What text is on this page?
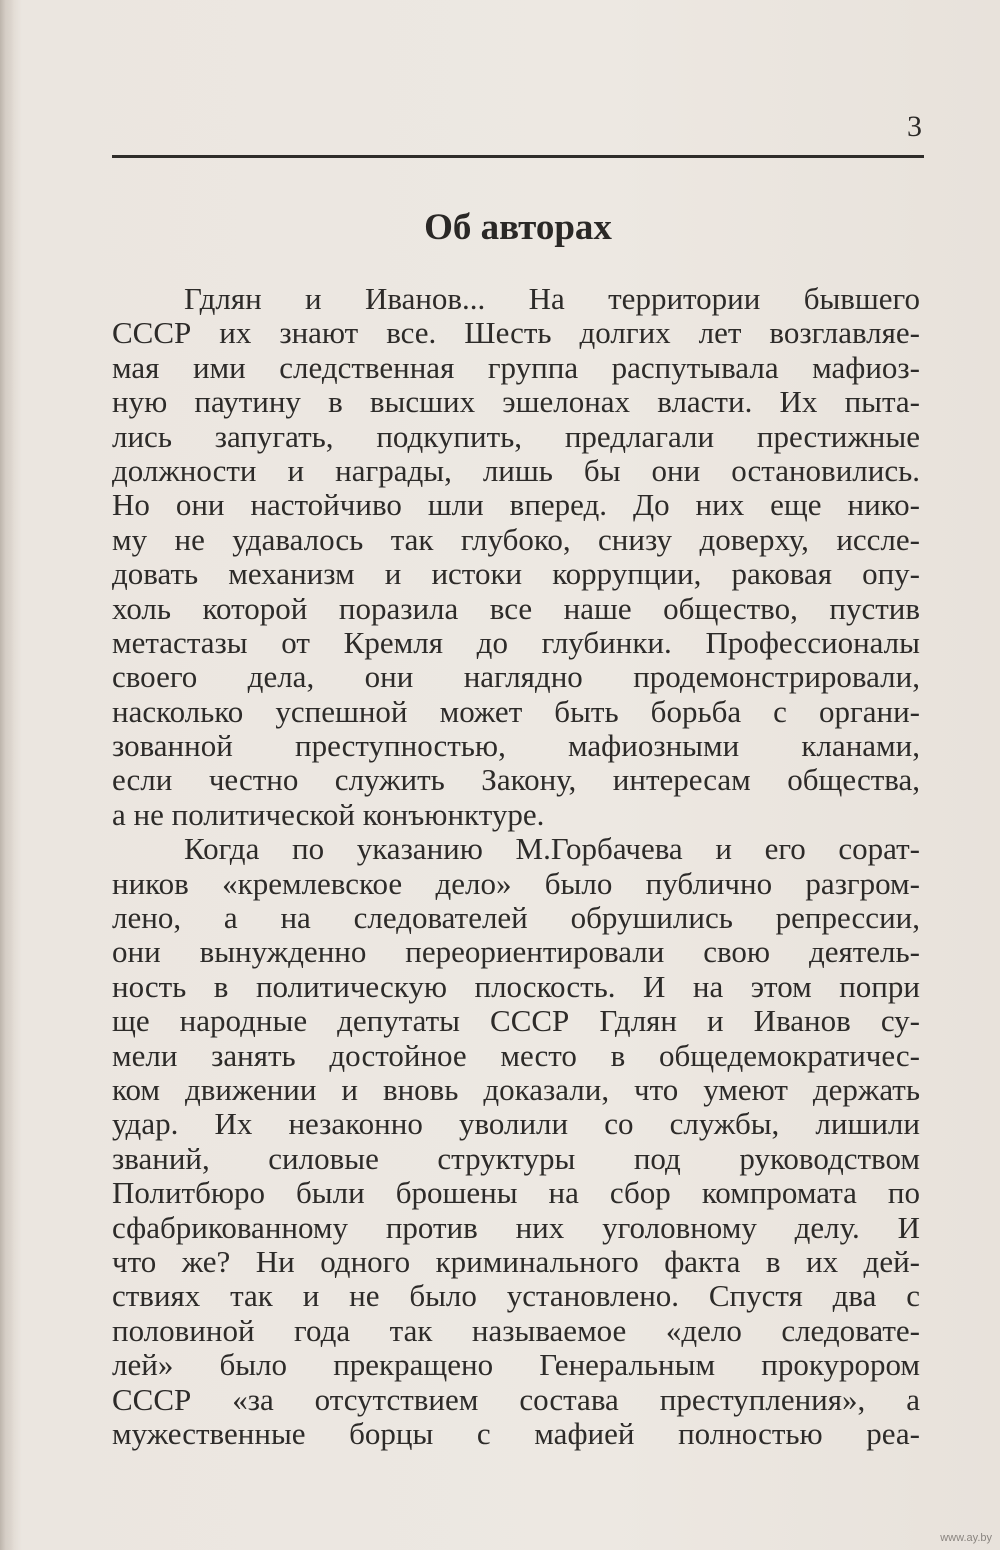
3
Об авторах
Гдлян и Иванов... На территории бывшего
СССР их знают все. Шесть долгих лет возглавляе-
мая ими следственная группа распутывала мафиоз-
ную паутину в высших эшелонах власти. Их пыта-
лись запугать, подкупить, предлагали престижные
должности и награды, лишь бы они остановились.
Но они настойчиво шли вперед. До них еще нико-
му не удавалось так глубоко, снизу доверху, иссле-
довать механизм и истоки коррупции, раковая опу-
холь которой поразила все наше общество, пустив
метастазы от Кремля до глубинки. Профессионалы
своего дела, они наглядно продемонстрировали,
насколько успешной может быть борьба с органи-
зованной преступностью, мафиозными кланами,
если честно служить Закону, интересам общества,
а не политической конъюнктуре.
Когда по указанию М.Горбачева и его сорат-
ников «кремлевское дело» было публично разгром-
лено, а на следователей обрушились репрессии,
они вынужденно переориентировали свою деятель-
ность в политическую плоскость. И на этом попри
ще народные депутаты СССР Гдлян и Иванов су-
мели занять достойное место в общедемократичес-
ком движении и вновь доказали, что умеют держать
удар. Их незаконно уволили со службы, лишили
званий, силовые структуры под руководством
Политбюро были брошены на сбор компромата по
сфабрикованному против них уголовному делу. И
что же? Ни одного криминального факта в их дей-
ствиях так и не было установлено. Спустя два с
половиной года так называемое «дело следовате-
лей» было прекращено Генеральным прокурором
СССР «за отсутствием состава преступления», а
мужественные борцы с мафией полностью реа-
www.ay.by
